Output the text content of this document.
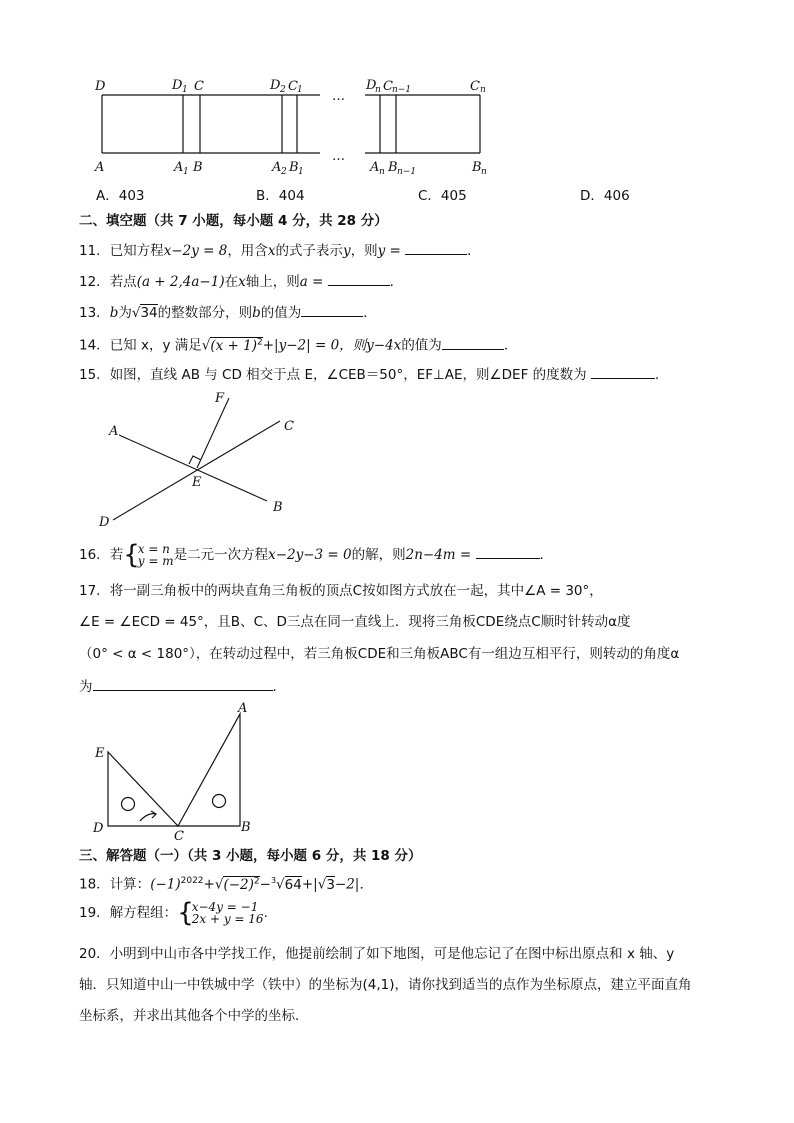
…
…
D	D 1 C	D 2 C 1	D
n C n−1	C n
A	A 1 B	A 2 B 1	A n B n−1	B n
A．403	B．404	C．405	D．406
二、填空题（共 7 小题，每小题 4 分，共 28 分）
11．已知方程x−2y = 8，用含x的式子表示y，则y =	．
12．若点(a + 2,4a−1)在x轴上，则a =	．
13．b为√34的整数部分，则b的值为	．
14．已知 x，y 满足$√(x + 1)^2+|y-2| = 0$，则y−4x的值为	．
15．如图，直线 AB 与 CD 相交于点 E，∠CEB＝50°，EF⊥AE，则∠DEF 的度数为	．
F
A	C
E
D
B
16．若{
x = n
y = m 是二元一次方程x−2y−3 = 0的解，则2n−4m =	．
17．将一副三角板中的两块直角三角板的顶点C按如图方式放在一起，其中∠A = 30°，
∠E = ∠ECD = 45°，且B、C、D三点在同一直线上．现将三角板CDE绕点C顺时针转动α度
（0° < α < 180°），在转动过程中，若三角板CDE和三角板ABC有一组边互相平行，则转动的角度α
为	．
A
E
D
C
B
三、解答题（一）（共 3 小题，每小题 6 分，共 18 分）
18．计算：$(-1)^{2022}+√(-2)^2-^3√64+|√3-2|$．
19．解方程组：{
x−4y = −1
2x + y = 16 .
20．小明到中山市各中学找工作，他提前绘制了如下地图，可是他忘记了在图中标出原点和 x 轴、y
轴．只知道中山一中铁城中学（铁中）的坐标为(4,1)，请你找到适当的点作为坐标原点，建立平面直角
坐标系，并求出其他各个中学的坐标．
